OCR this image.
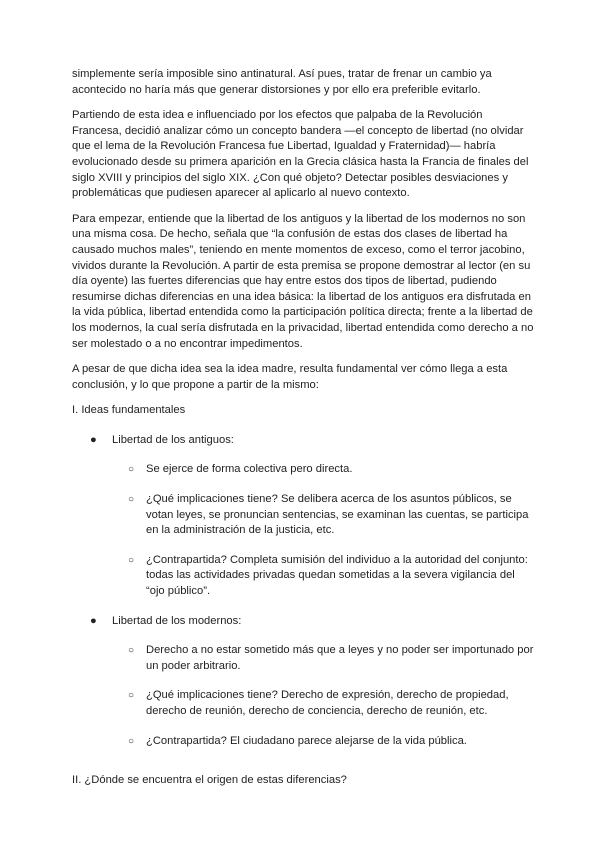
simplemente sería imposible sino antinatural. Así pues, tratar de frenar un cambio ya acontecido no haría más que generar distorsiones y por ello era preferible evitarlo.

Partiendo de esta idea e influenciado por los efectos que palpaba de la Revolución Francesa, decidió analizar cómo un concepto bandera —el concepto de libertad (no olvidar que el lema de la Revolución Francesa fue Libertad, Igualdad y Fraternidad)— habría evolucionado desde su primera aparición en la Grecia clásica hasta la Francia de finales del siglo XVIII y principios del siglo XIX. ¿Con qué objeto? Detectar posibles desviaciones y problemáticas que pudiesen aparecer al aplicarlo al nuevo contexto.

Para empezar, entiende que la libertad de los antiguos y la libertad de los modernos no son una misma cosa. De hecho, señala que “la confusión de estas dos clases de libertad ha causado muchos males”, teniendo en mente momentos de exceso, como el terror jacobino, vividos durante la Revolución. A partir de esta premisa se propone demostrar al lector (en su día oyente) las fuertes diferencias que hay entre estos dos tipos de libertad, pudiendo resumirse dichas diferencias en una idea básica: la libertad de los antiguos era disfrutada en la vida pública, libertad entendida como la participación política directa; frente a la libertad de los modernos, la cual sería disfrutada en la privacidad, libertad entendida como derecho a no ser molestado o a no encontrar impedimentos.

A pesar de que dicha idea sea la idea madre, resulta fundamental ver cómo llega a esta conclusión, y lo que propone a partir de la mismo:

I. Ideas fundamentales

● Libertad de los antiguos:
○ Se ejerce de forma colectiva pero directa.
○ ¿Qué implicaciones tiene? Se delibera acerca de los asuntos públicos, se votan leyes, se pronuncian sentencias, se examinan las cuentas, se participa en la administración de la justicia, etc.
○ ¿Contrapartida? Completa sumisión del individuo a la autoridad del conjunto: todas las actividades privadas quedan sometidas a la severa vigilancia del “ojo público”.
● Libertad de los modernos:
○ Derecho a no estar sometido más que a leyes y no poder ser importunado por un poder arbitrario.
○ ¿Qué implicaciones tiene? Derecho de expresión, derecho de propiedad, derecho de reunión, derecho de conciencia, derecho de reunión, etc.
○ ¿Contrapartida? El ciudadano parece alejarse de la vida pública.

II. ¿Dónde se encuentra el origen de estas diferencias?
